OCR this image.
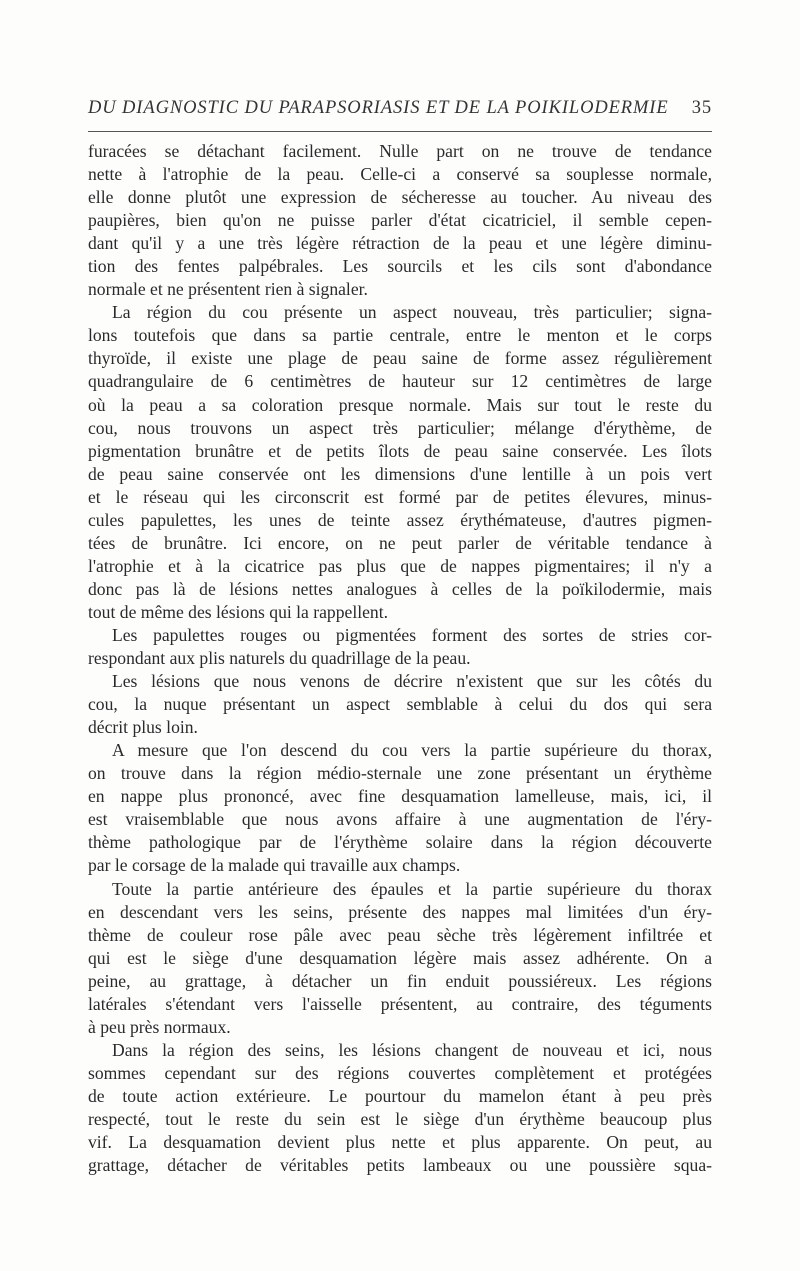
DU DIAGNOSTIC DU PARAPSORIASIS ET DE LA POIKILODERMIE 35
furacées se détachant facilement. Nulle part on ne trouve de tendance
nette à l'atrophie de la peau. Celle-ci a conservé sa souplesse normale,
elle donne plutôt une expression de sécheresse au toucher. Au niveau des
paupières, bien qu'on ne puisse parler d'état cicatriciel, il semble cepen-
dant qu'il y a une très légère rétraction de la peau et une légère diminu-
tion des fentes palpébrales. Les sourcils et les cils sont d'abondance
normale et ne présentent rien à signaler.
La région du cou présente un aspect nouveau, très particulier; signa-
lons toutefois que dans sa partie centrale, entre le menton et le corps
thyroïde, il existe une plage de peau saine de forme assez régulièrement
quadrangulaire de 6 centimètres de hauteur sur 12 centimètres de large
où la peau a sa coloration presque normale. Mais sur tout le reste du
cou, nous trouvons un aspect très particulier; mélange d'érythème, de
pigmentation brunâtre et de petits îlots de peau saine conservée. Les îlots
de peau saine conservée ont les dimensions d'une lentille à un pois vert
et le réseau qui les circonscrit est formé par de petites élevures, minus-
cules papulettes, les unes de teinte assez érythémateuse, d'autres pigmen-
tées de brunâtre. Ici encore, on ne peut parler de véritable tendance à
l'atrophie et à la cicatrice pas plus que de nappes pigmentaires; il n'y a
donc pas là de lésions nettes analogues à celles de la poïkilodermie, mais
tout de même des lésions qui la rappellent.
Les papulettes rouges ou pigmentées forment des sortes de stries cor-
respondant aux plis naturels du quadrillage de la peau.
Les lésions que nous venons de décrire n'existent que sur les côtés du
cou, la nuque présentant un aspect semblable à celui du dos qui sera
décrit plus loin.
A mesure que l'on descend du cou vers la partie supérieure du thorax,
on trouve dans la région médio-sternale une zone présentant un érythème
en nappe plus prononcé, avec fine desquamation lamelleuse, mais, ici, il
est vraisemblable que nous avons affaire à une augmentation de l'éry-
thème pathologique par de l'érythème solaire dans la région découverte
par le corsage de la malade qui travaille aux champs.
Toute la partie antérieure des épaules et la partie supérieure du thorax
en descendant vers les seins, présente des nappes mal limitées d'un éry-
thème de couleur rose pâle avec peau sèche très légèrement infiltrée et
qui est le siège d'une desquamation légère mais assez adhérente. On a
peine, au grattage, à détacher un fin enduit poussiéreux. Les régions
latérales s'étendant vers l'aisselle présentent, au contraire, des téguments
à peu près normaux.
Dans la région des seins, les lésions changent de nouveau et ici, nous
sommes cependant sur des régions couvertes complètement et protégées
de toute action extérieure. Le pourtour du mamelon étant à peu près
respecté, tout le reste du sein est le siège d'un érythème beaucoup plus
vif. La desquamation devient plus nette et plus apparente. On peut, au
grattage, détacher de véritables petits lambeaux ou une poussière squa-
